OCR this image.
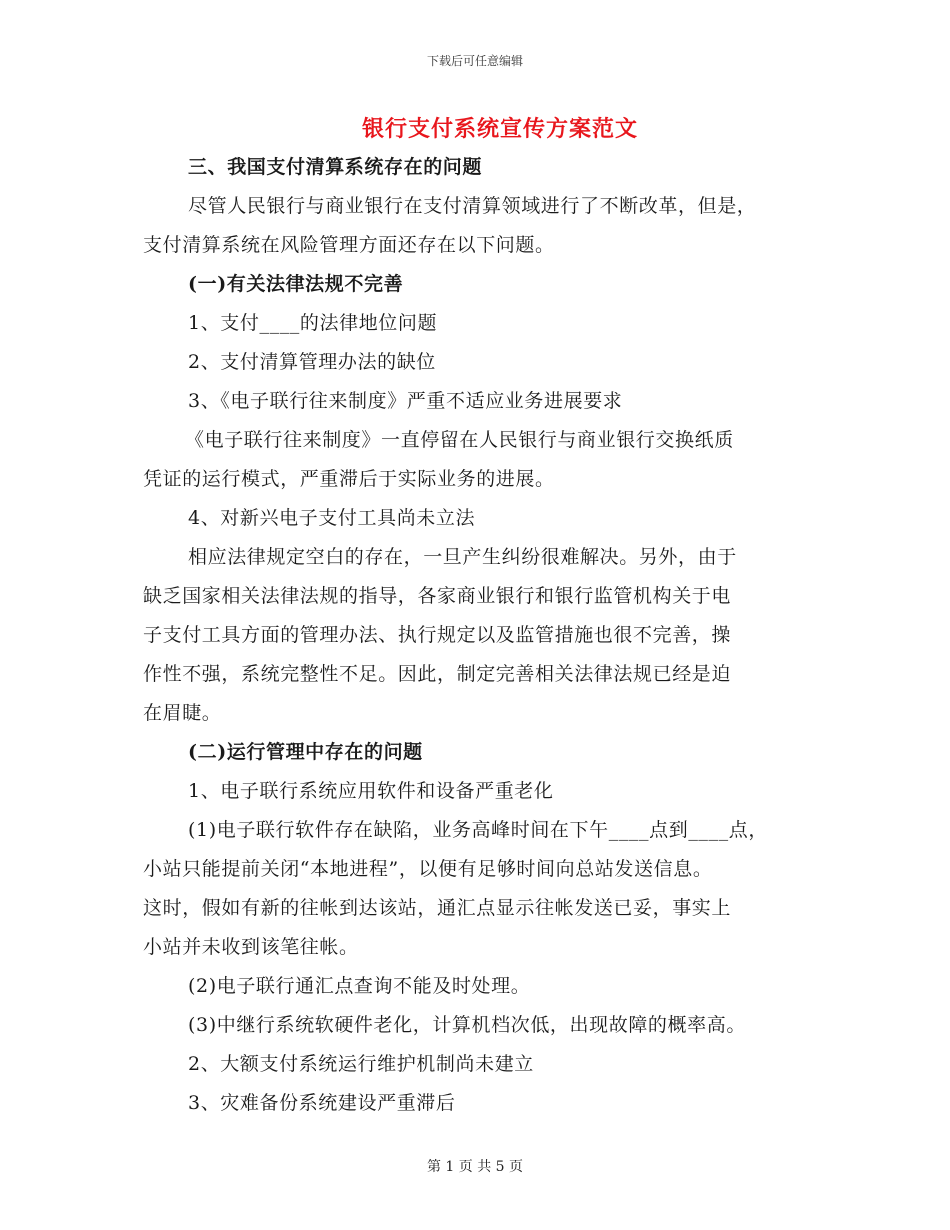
下载后可任意编辑
银行支付系统宣传方案范文
三、我国支付清算系统存在的问题
尽管人民银行与商业银行在支付清算领域进行了不断改革，但是，
支付清算系统在风险管理方面还存在以下问题。
(一)有关法律法规不完善
1、支付____的法律地位问题
2、支付清算管理办法的缺位
3、《电子联行往来制度》严重不适应业务进展要求
《电子联行往来制度》一直停留在人民银行与商业银行交换纸质
凭证的运行模式，严重滞后于实际业务的进展。
4、对新兴电子支付工具尚未立法
相应法律规定空白的存在，一旦产生纠纷很难解决。另外，由于
缺乏国家相关法律法规的指导，各家商业银行和银行监管机构关于电
子支付工具方面的管理办法、执行规定以及监管措施也很不完善，操
作性不强，系统完整性不足。因此，制定完善相关法律法规已经是迫
在眉睫。
(二)运行管理中存在的问题
1、电子联行系统应用软件和设备严重老化
(1)电子联行软件存在缺陷，业务高峰时间在下午____点到____点，
小站只能提前关闭“本地进程”，以便有足够时间向总站发送信息。
这时，假如有新的往帐到达该站，通汇点显示往帐发送已妥，事实上
小站并未收到该笔往帐。
(2)电子联行通汇点查询不能及时处理。
(3)中继行系统软硬件老化，计算机档次低，出现故障的概率高。
2、大额支付系统运行维护机制尚未建立
3、灾难备份系统建设严重滞后
第 1 页 共 5 页
